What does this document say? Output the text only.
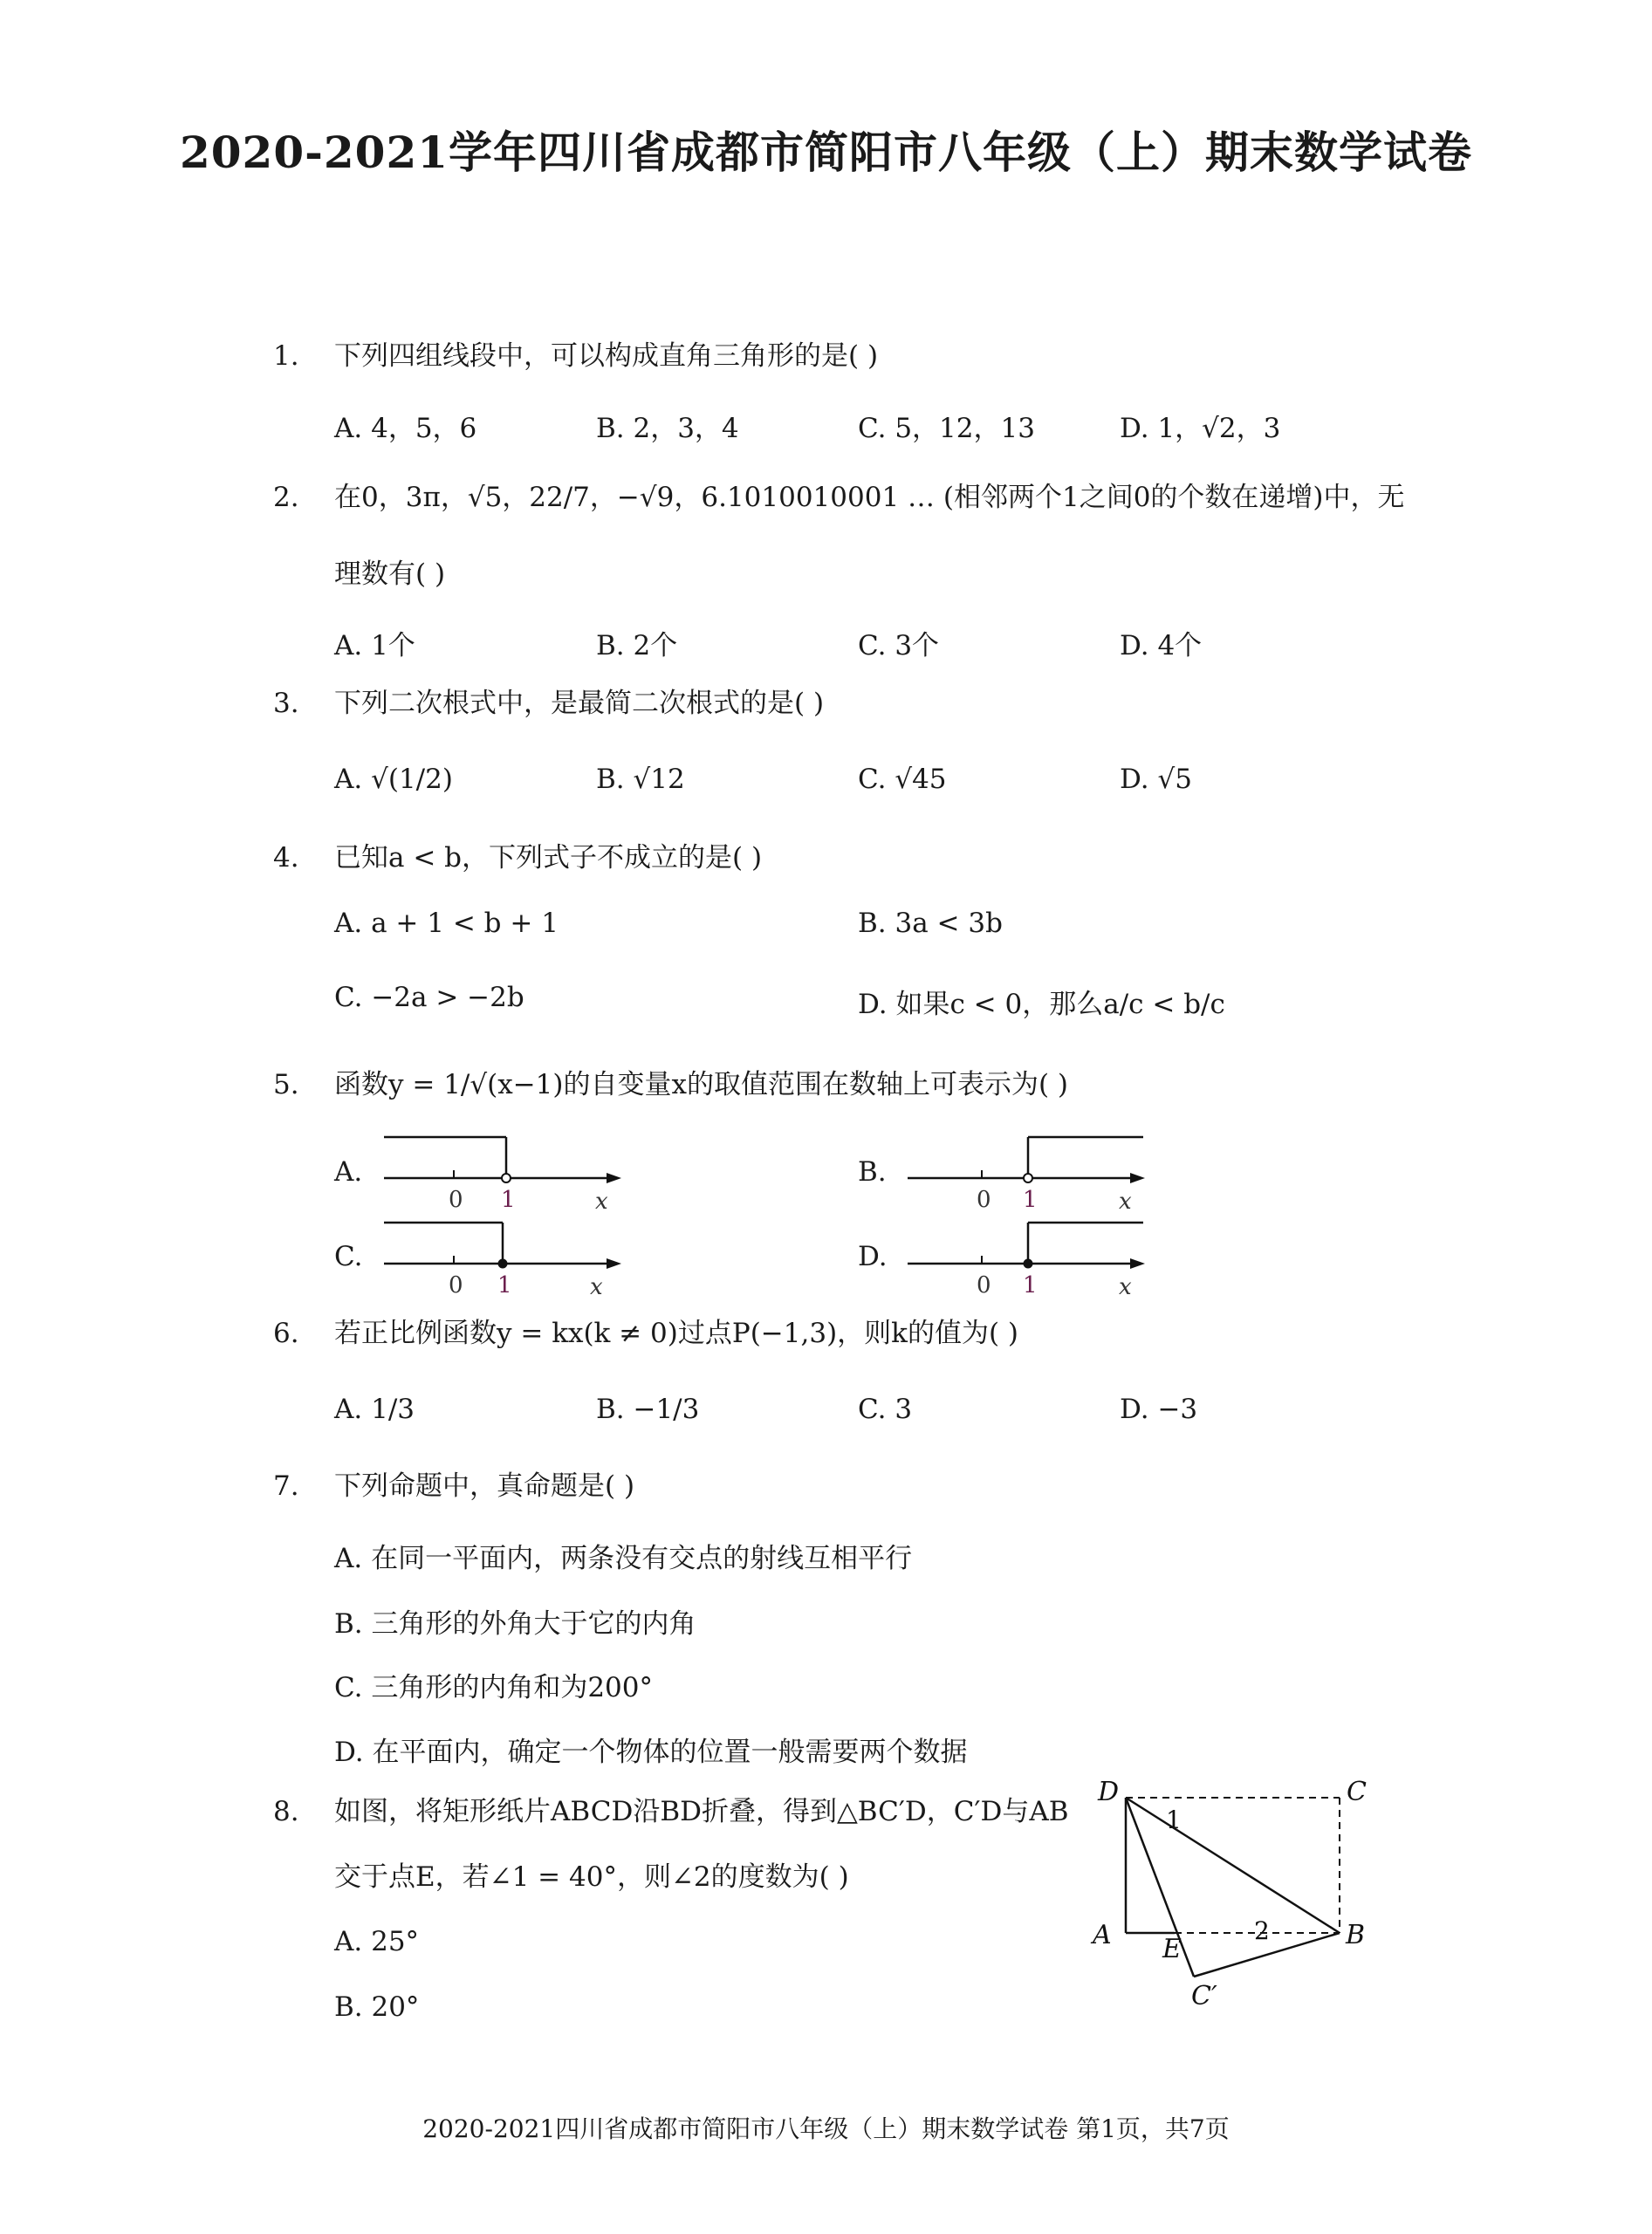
2020-2021学年四川省成都市简阳市八年级（上）期末数学试卷
1. 下列四组线段中，可以构成直角三角形的是( )
A. 4，5，6	B. 2，3，4	C. 5，12，13	D. 1，√2，3
2. 在0，3π，√5，22/7，−√9，6.1010010001 … (相邻两个1之间0的个数在递增)中，无
理数有( )
A. 1个	B. 2个	C. 3个	D. 4个
3. 下列二次根式中，是最简二次根式的是( )
A. √(1/2)	B. √12	C. √45	D. √5
4. 已知a < b，下列式子不成立的是( )
A. a + 1 < b + 1	B. 3a < 3b
C. −2a > −2b	D. 如果c < 0，那么a/c < b/c
5. 函数y = 1/√(x−1)的自变量x的取值范围在数轴上可表示为( )
A.
0 1	x
B.
0 1	x
C.
0 1	x
D.
0 1	x
6. 若正比例函数y = kx(k ≠ 0)过点P(−1,3)，则k的值为( )
A. 1/3	B. −1/3	C. 3	D. −3
7. 下列命题中，真命题是( )
A. 在同一平面内，两条没有交点的射线互相平行
B. 三角形的外角大于它的内角
C. 三角形的内角和为200°
D. 在平面内，确定一个物体的位置一般需要两个数据
8. 如图，将矩形纸片ABCD沿BD折叠，得到△BC′D，C′D与AB
交于点E，若∠1 = 40°，则∠2的度数为( )
A. 25°
B. 20°
D	C
A E	B
C′
1
2
2020-2021四川省成都市简阳市八年级（上）期末数学试卷 第1页，共7页
